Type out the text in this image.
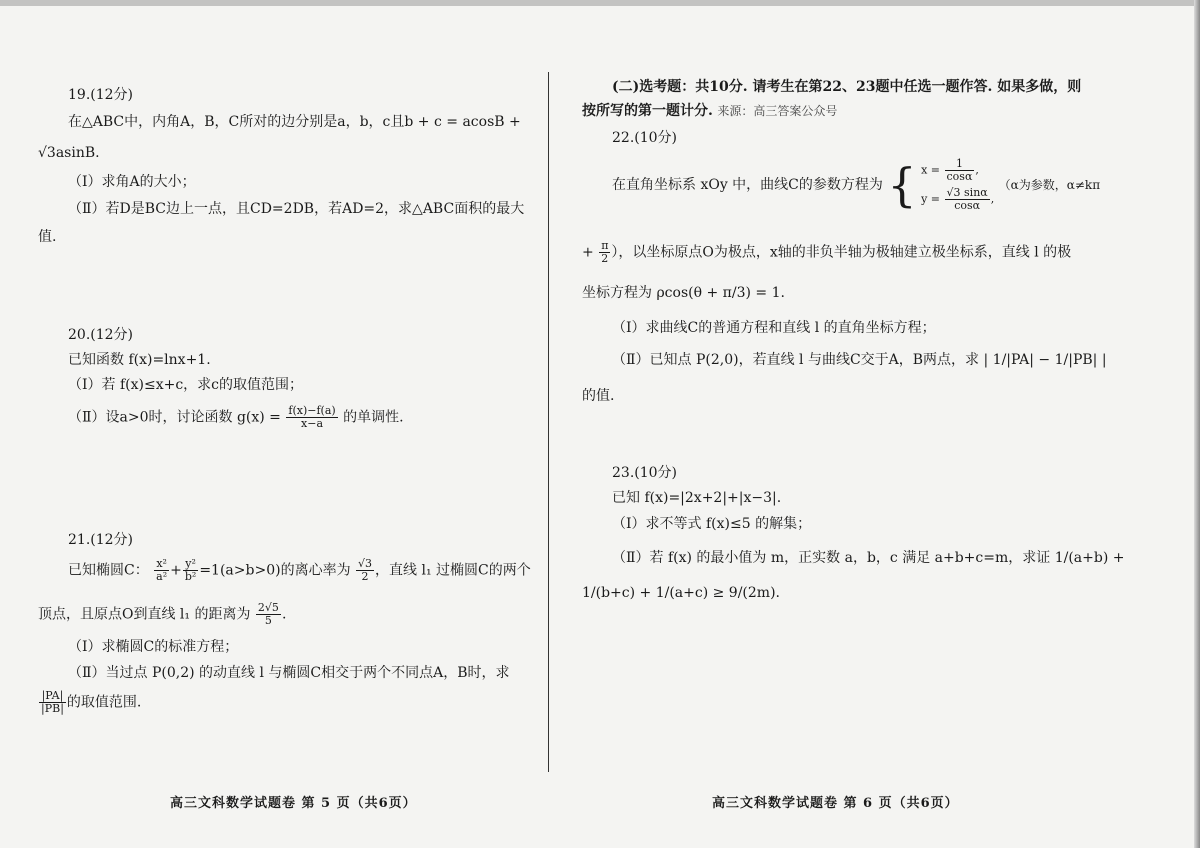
19.(12分)
在△ABC中，内角A，B，C所对的边分别是a，b，c且b + c = acosB +
√3asinB.
（Ⅰ）求角A的大小；
（Ⅱ）若D是BC边上一点，且CD=2DB，若AD=2，求△ABC面积的最大
值.
20.(12分)
已知函数 f(x)=lnx+1.
（Ⅰ）若 f(x)≤x+c，求c的取值范围；
（Ⅱ）设a>0时，讨论函数 $g(x) = \frac{f(x)-f(a)}{x-a}$ 的单调性.
21.(12分)
已知椭圆C： $\frac{\text{x²}}{\text{a²}} + \frac{\text{y²}}{\text{b²}} =1(a>b>0)$的离心率为 $\frac{√3}{2}$ ，直线 l₁ 过椭圆C的两个
顶点，且原点O到直线 l₁ 的距离为 $\frac{2√5}{5}$ .
（Ⅰ）求椭圆C的标准方程；
（Ⅱ）当过点 P(0,2) 的动直线 l 与椭圆C相交于两个不同点A，B时，求
$\frac{|PA|}{|PB|}$ 的取值范围.
高三文科数学试题卷 第 5 页（共6页）
(二)选考题：共10分. 请考生在第22、23题中任选一题作答. 如果多做，则
按所写的第一题计分. 来源：高三答案公众号
22.(10分)
在直角坐标系 xOy 中，曲线C的参数方程为 { $x = \frac{1}{\cos\alpha}$ ,
$y = \frac{√3 \sin\alpha}{\cos\alpha}$ ,
（α为参数，α≠kπ
+ $\frac{\pi}{2}$ ），以坐标原点O为极点，x轴的非负半轴为极轴建立极坐标系，直线 l 的极
坐标方程为 ρcos(θ + π/3) = 1.
（Ⅰ）求曲线C的普通方程和直线 l 的直角坐标方程；
（Ⅱ）已知点 P(2,0)，若直线 l 与曲线C交于A，B两点，求 | 1/|PA| − 1/|PB| |
的值.
23.(10分)
已知 f(x)=|2x+2|+|x−3|.
（Ⅰ）求不等式 f(x)≤5 的解集；
（Ⅱ）若 f(x) 的最小值为 m，正实数 a，b，c 满足 a+b+c=m，求证 1/(a+b) +
1/(b+c) + 1/(a+c) ≥ 9/(2m).
高三文科数学试题卷 第 6 页（共6页）
